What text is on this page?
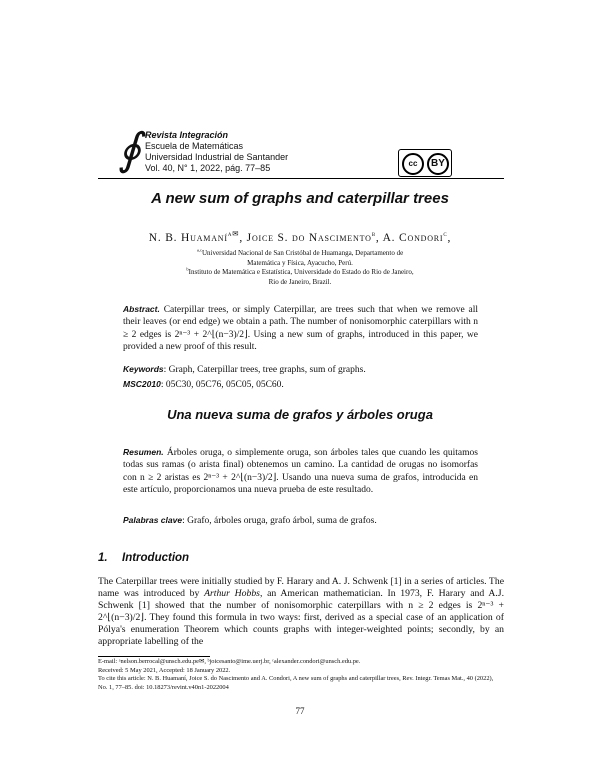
∮ Revista Integración
Escuela de Matemáticas
Universidad Industrial de Santander
Vol. 40, N° 1, 2022, pág. 77–85	cc	BY
A new sum of graphs and caterpillar trees
N. B. Huamaní$^{a✉}$, Joice S. do Nascimento$^b$, A. Condori$^c$,
$^{a,c}$Universidad Nacional de San Cristóbal de Huamanga, Departamento de
Matemática y Física, Ayacucho, Perú.
$^b$Instituto de Matemática e Estatística, Universidade do Estado do Rio de Janeiro,
Rio de Janeiro, Brazil.
Abstract. Caterpillar trees, or simply Caterpillar, are trees such that when we remove all their leaves (or end edge) we obtain a path. The number of nonisomorphic caterpillars with n ≥ 2 edges is 2ⁿ⁻³ + 2^⌊(n−3)/2⌋. Using a new sum of graphs, introduced in this paper, we provided a new proof of this result.
Keywords: Graph, Caterpillar trees, tree graphs, sum of graphs.
MSC2010: 05C30, 05C76, 05C05, 05C60.
Una nueva suma de grafos y árboles oruga
Resumen. Árboles oruga, o simplemente oruga, son árboles tales que cuando les quitamos todas sus ramas (o arista final) obtenemos un camino. La cantidad de orugas no isomorfas con n ≥ 2 aristas es 2ⁿ⁻³ + 2^⌊(n−3)/2⌋. Usando una nueva suma de grafos, introducida en este artículo, proporcionamos una nueva prueba de este resultado.
Palabras clave: Grafo, árboles oruga, grafo árbol, suma de grafos.
1. Introduction
The Caterpillar trees were initially studied by F. Harary and A. J. Schwenk [1] in a series of articles. The name was introduced by Arthur Hobbs, an American mathematician. In 1973, F. Harary and A.J. Schwenk [1] showed that the number of nonisomorphic caterpillars with n ≥ 2 edges is 2ⁿ⁻³ + 2^⌊(n−3)/2⌋. They found this formula in two ways: first, derived as a special case of an application of Pólya's enumeration Theorem which counts graphs with integer-weighted points; secondly, by an appropriate labelling of the
E-mail: ᵃnelson.berrocal@unsch.edu.pe✉, ᵇjoicesanto@ime.uerj.br, ᶜalexander.condori@unsch.edu.pe.
Received: 5 May 2021, Accepted: 18 January 2022.
To cite this article: N. B. Huamaní, Joice S. do Nascimento and A. Condori, A new sum of graphs and caterpillar trees, Rev. Integr. Temas Mat., 40 (2022), No. 1, 77–85. doi: 10.18273/revint.v40n1-2022004
77
